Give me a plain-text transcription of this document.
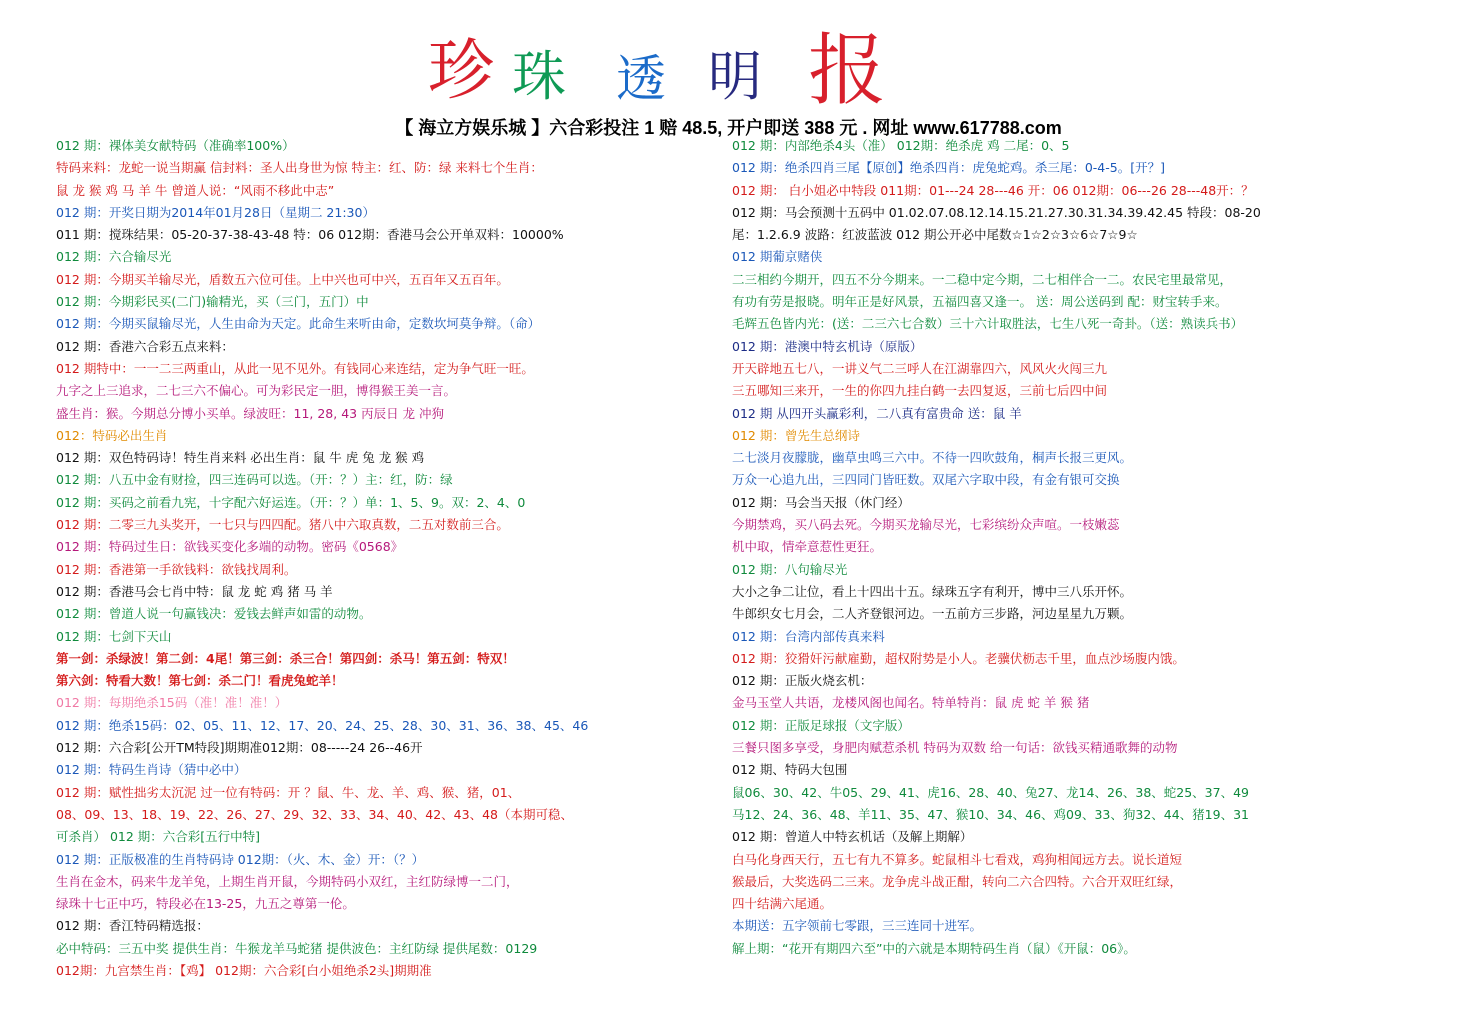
珍 珠 透 明 报
【 海立方娱乐城 】六合彩投注 1 赔 48.5, 开户即送 388 元 . 网址 www.617788.com
012 期：裸体美女献特码（准确率100%）
特码来料：龙蛇一说当期赢 信封料：圣人出身世为惊 特主：红、防：绿 来料七个生肖：
鼠 龙 猴 鸡 马 羊 牛 曾道人说：“风雨不移此中志”
012 期：开奖日期为2014年01月28日（星期二 21:30）
011 期：搅珠结果：05-20-37-38-43-48 特：06 012期：香港马会公开单双料：10000%
012 期：六合输尽光
012 期：今期买羊输尽光，盾数五六位可佳。上中兴也可中兴，五百年又五百年。
012 期：今期彩民买(二门)输精光，买（三门，五门）中
012 期：今期买鼠输尽光，人生由命为天定。此命生来听由命，定数坎坷莫争辩。（命）
012 期：香港六合彩五点来料：
012 期特中：一一二三两重山，从此一见不见外。有钱同心来连结，定为争气旺一旺。
九字之上三追求，二七三六不偏心。可为彩民定一胆，博得猴王美一言。
盛生肖：猴。今期总分博小买单。绿波旺：11, 28, 43 丙辰日 龙 冲狗
012：特码必出生肖
012 期：双色特码诗！特生肖来料 必出生肖：鼠 牛 虎 兔 龙 猴 鸡
012 期：八五中金有财捡，四三连码可以选。（开：？）主：红，防：绿
012 期：买码之前看九宪，十字配六好运连。（开：？）单：1、5、9。双：2、4、0
012 期：二零三九头奖开，一七只与四四配。猪八中六取真数，二五对数前三合。
012 期：特码过生日：欲钱买变化多端的动物。密码《0568》
012 期：香港第一手欲钱料：欲钱找周利。
012 期：香港马会七肖中特：鼠 龙 蛇 鸡 猪 马 羊
012 期：曾道人说一句赢钱决：爱钱去鲜声如雷的动物。
012 期：七剑下天山
第一剑：杀绿波！第二剑：4尾！第三剑：杀三合！第四剑：杀马！第五剑：特双！
第六剑：特看大数！第七剑：杀二门！看虎兔蛇羊！
012 期：每期绝杀15码（准！准！准！）
012 期：绝杀15码：02、05、11、12、17、20、24、25、28、30、31、36、38、45、46
012 期：六合彩[公开TM特段]期期准012期：08-----24 26--46开
012 期：特码生肖诗（猜中必中）
012 期：赋性拙劣太沉泥 过一位有特码：开 ？鼠、牛、龙、羊、鸡、猴、猪，01、
08、09、13、18、19、22、26、27、29、32、33、34、40、42、43、48（本期可稳、
可杀肖） 012 期：六合彩[五行中特]
012 期：正版极准的生肖特码诗 012期：（火、木、金）开：（？）
生肖在金木，码来牛龙羊兔，上期生肖开鼠，今期特码小双红，主红防绿博一二门，
绿珠十七正中巧，特段必在13-25，九五之尊第一伦。
012 期：香江特码精选报：
必中特码：三五中奖 提供生肖：牛猴龙羊马蛇猪 提供波色：主红防绿 提供尾数：0129
012期：九宫禁生肖：【鸡】 012期：六合彩[白小姐绝杀2头]期期准
012 期：内部绝杀4头（准） 012期：绝杀虎 鸡 二尾：0、5
012 期：绝杀四肖三尾【原创】绝杀四肖：虎兔蛇鸡。杀三尾：0-4-5。[开？]
012 期： 白小姐必中特段 011期：01---24 28---46 开：06 012期：06---26 28---48开：？
012 期：马会预测十五码中 01.02.07.08.12.14.15.21.27.30.31.34.39.42.45 特段：08-20
尾：1.2.6.9 波路：红波蓝波 012 期公开必中尾数☆1☆2☆3☆6☆7☆9☆
012 期葡京赌侠
二三相约今期开，四五不分今期来。一二稳中定今期，二七相伴合一二。农民宅里最常见，
有功有劳是报晓。明年正是好风景，五福四喜又逢一。 送：周公送码到 配：财宝转手来。
毛辉五色皆内光：(送：二三六七合数）三十六计取胜法，七生八死一奇卦。（送：熟读兵书）
012 期：港澳中特玄机诗（原版）
开天辟地五七八，一讲义气二三呼人在江湖靠四六，风风火火闯三九
三五哪知三来开，一生的你四九挂白鹤一去四复返，三前七后四中间
012 期 从四开头赢彩利，二八真有富贵命 送：鼠 羊
012 期：曾先生总纲诗
二七淡月夜朦胧，幽草虫鸣三六中。不待一四吹鼓角，桐声长报三更风。
万众一心追九出，三四同门皆旺数。双尾六字取中段，有金有银可交换
012 期：马会当天报（休门经）
今期禁鸡，买八码去死。今期买龙输尽光，七彩缤纷众声喧。一枝嫩蕊
机中取，情牵意惹性更狂。
012 期：八句输尽光
大小之争二让位，看上十四出十五。绿珠五字有利开，博中三八乐开怀。
牛郎织女七月会，二人齐登银河边。一五前方三步路，河边星星九万颗。
012 期：台湾内部传真来料
012 期：狡猾奸污献雇勤，超权附势是小人。老骥伏枥志千里，血点沙场腹内饿。
012 期：正版火烧玄机：
金马玉堂人共语，龙楼风阁也闻名。特单特肖：鼠 虎 蛇 羊 猴 猪
012 期：正版足球报（文字版）
三餐只图多享受，身肥肉赋惹杀机 特码为双数 给一句话：欲钱买精通歌舞的动物
012 期、特码大包围
鼠06、30、42、牛05、29、41、虎16、28、40、兔27、龙14、26、38、蛇25、37、49
马12、24、36、48、羊11、35、47、猴10、34、46、鸡09、33、狗32、44、猪19、31
012 期：曾道人中特玄机话（及解上期解）
白马化身西天行，五七有九不算多。蛇鼠相斗七看戏，鸡狗相闻远方去。说长道短
猴最后，大奖选码二三来。龙争虎斗战正酣，转向二六合四特。六合开双旺红绿，
四十结满六尾通。
本期送：五字领前七零跟，三三连同十进军。
解上期：“花开有期四六至”中的六就是本期特码生肖（鼠）《开鼠：06》。
